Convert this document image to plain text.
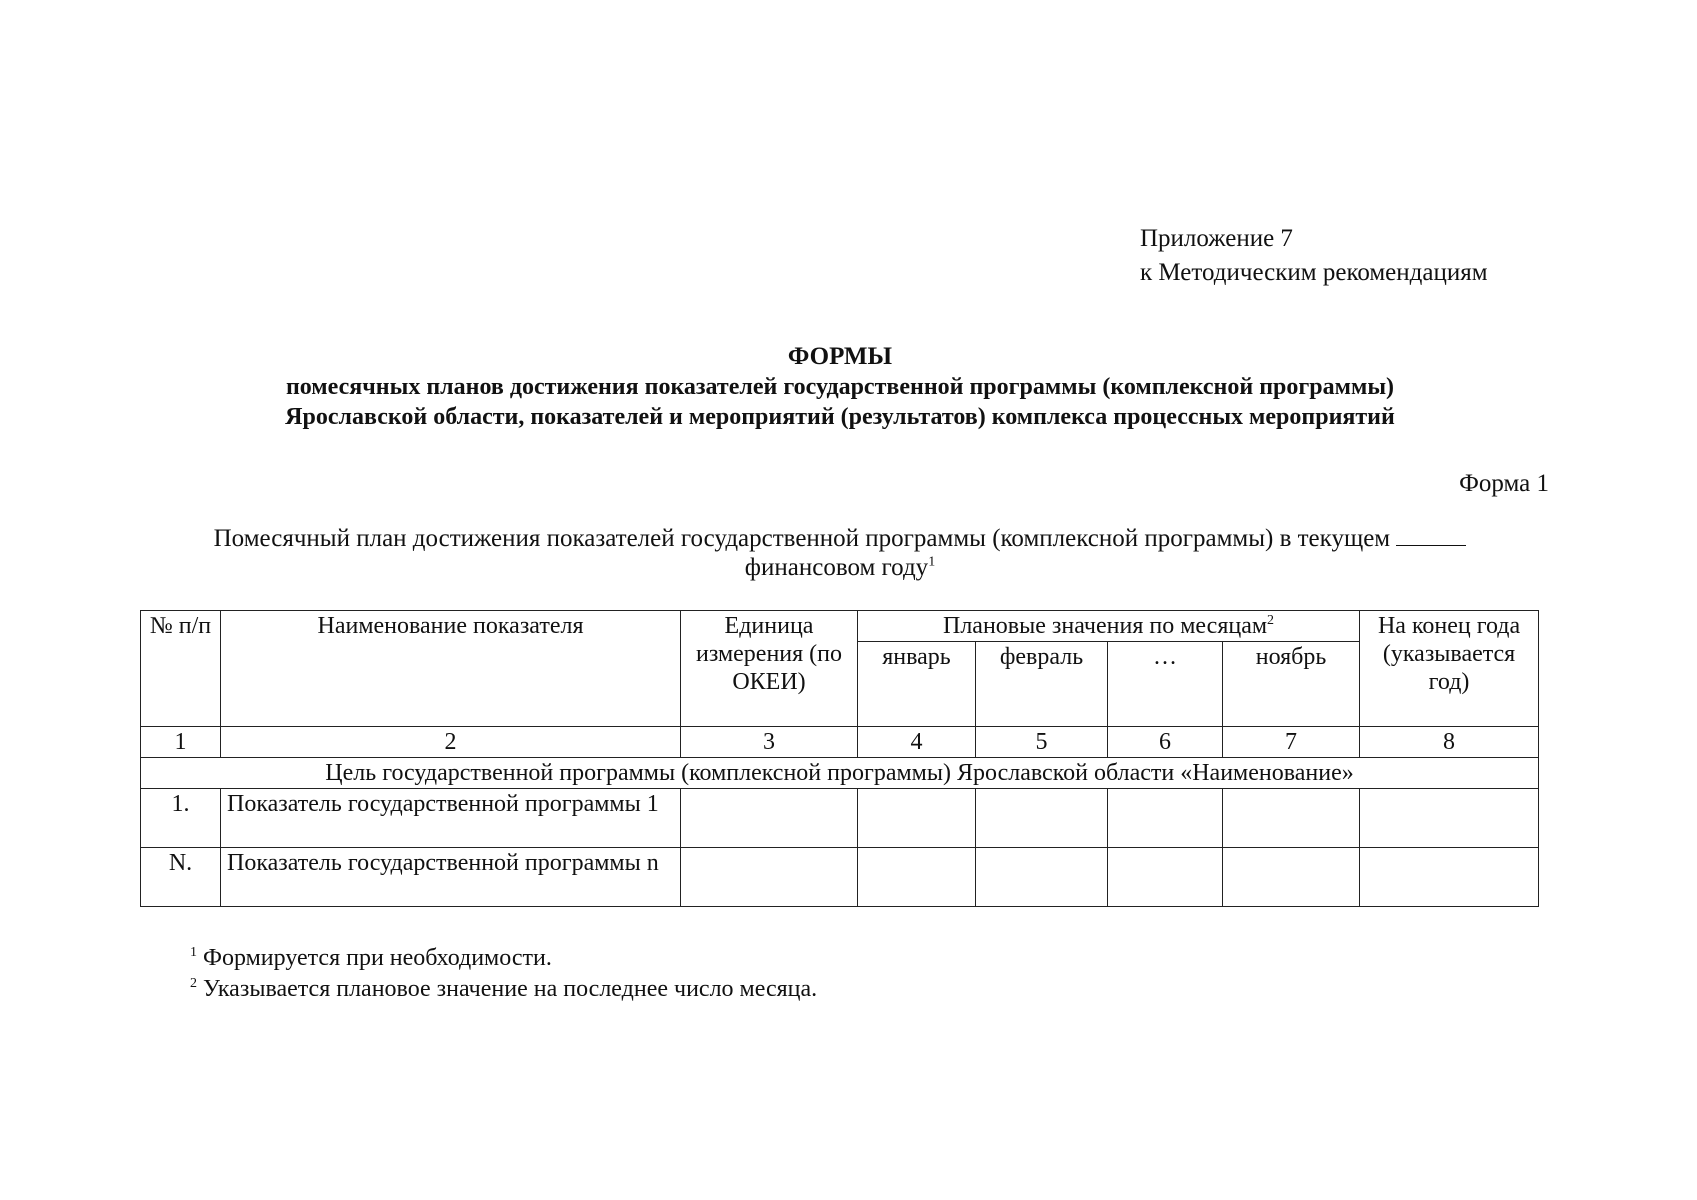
Приложение 7
к Методическим рекомендациям
ФОРМЫ
помесячных планов достижения показателей государственной программы (комплексной программы)
Ярославской области, показателей и мероприятий (результатов) комплекса процессных мероприятий
Форма 1
Помесячный план достижения показателей государственной программы (комплексной программы) в текущем
финансовом году$^1$
№ п/п	Наименование показателя	Единица измерения (по ОКЕИ)	Плановые значения по месяцам$^2$				На конец года (указывается год)
			январь	февраль	…	ноябрь	
1	2	3	4	5	6	7	8
Цель государственной программы (комплексной программы) Ярославской области «Наименование»							
1.	Показатель государственной программы 1						
N.	Показатель государственной программы n						
$^1$ Формируется при необходимости.
$^2$ Указывается плановое значение на последнее число месяца.
